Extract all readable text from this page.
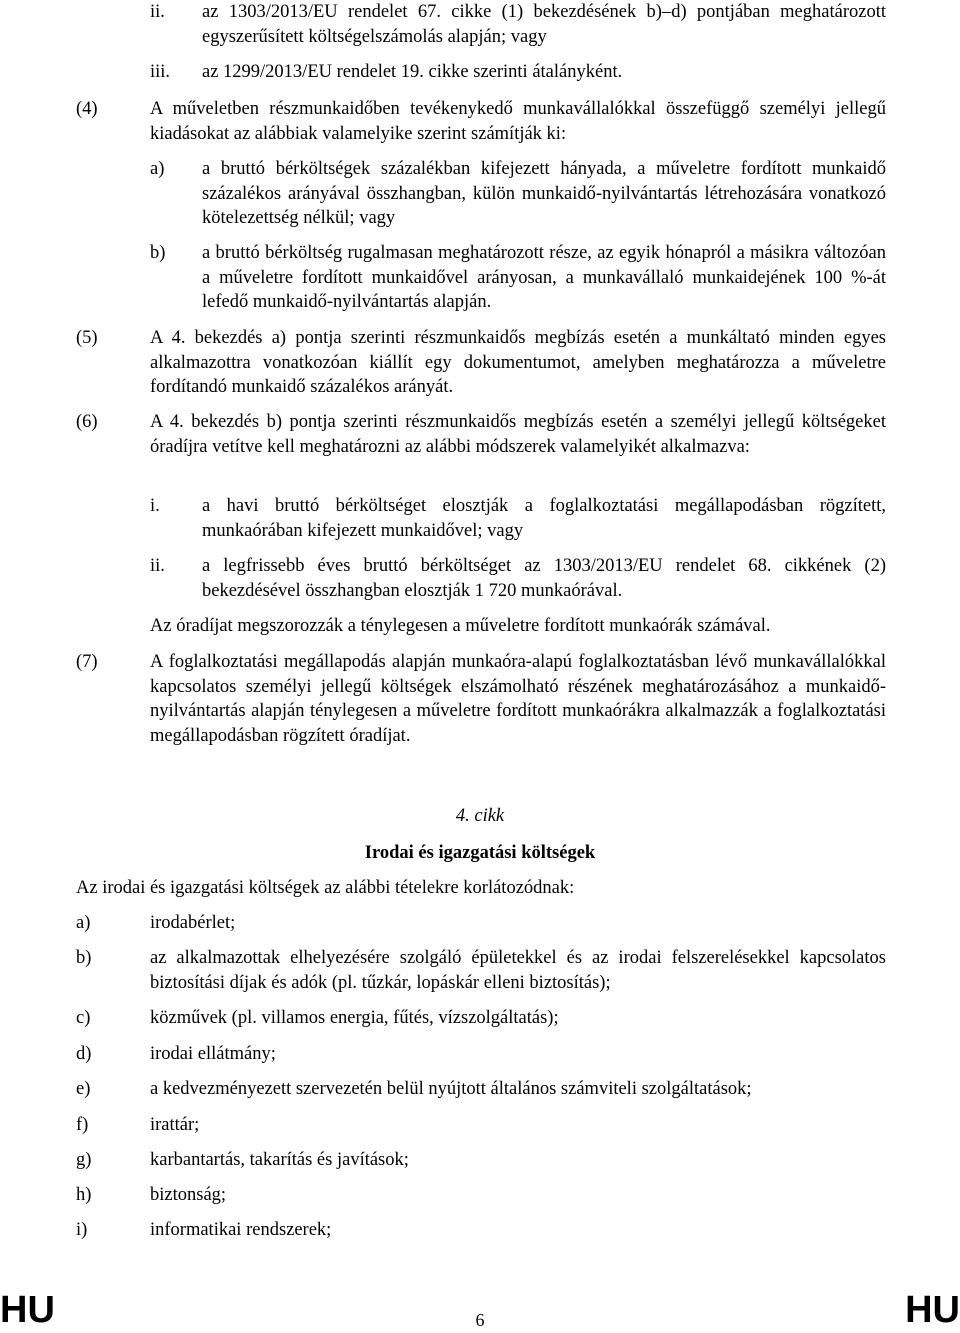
ii. az 1303/2013/EU rendelet 67. cikke (1) bekezdésének b)–d) pontjában meghatározott egyszerűsített költségelszámolás alapján; vagy
iii. az 1299/2013/EU rendelet 19. cikke szerinti átalányként.
(4)	A műveletben részmunkaidőben tevékenykedő munkavállalókkal összefüggő személyi jellegű kiadásokat az alábbiak valamelyike szerint számítják ki:
a) a bruttó bérköltségek százalékban kifejezett hányada, a műveletre fordított munkaidő százalékos arányával összhangban, külön munkaidő-nyilvántartás létrehozására vonatkozó kötelezettség nélkül; vagy
b) a bruttó bérköltség rugalmasan meghatározott része, az egyik hónapról a másikra változóan a műveletre fordított munkaidővel arányosan, a munkavállaló munkaidejének 100 %-át lefedő munkaidő-nyilvántartás alapján.
(5)	A 4. bekezdés a) pontja szerinti részmunkaidős megbízás esetén a munkáltató minden egyes alkalmazottra vonatkozóan kiállít egy dokumentumot, amelyben meghatározza a műveletre fordítandó munkaidő százalékos arányát.
(6)	A 4. bekezdés b) pontja szerinti részmunkaidős megbízás esetén a személyi jellegű költségeket óradíjra vetítve kell meghatározni az alábbi módszerek valamelyikét alkalmazva:
i. a havi bruttó bérköltséget elosztják a foglalkoztatási megállapodásban rögzített, munkaórában kifejezett munkaidővel; vagy
ii. a legfrissebb éves bruttó bérköltséget az 1303/2013/EU rendelet 68. cikkének (2) bekezdésével összhangban elosztják 1 720 munkaórával.
Az óradíjat megszorozzák a ténylegesen a műveletre fordított munkaórák számával.
(7)	A foglalkoztatási megállapodás alapján munkaóra-alapú foglalkoztatásban lévő munkavállalókkal kapcsolatos személyi jellegű költségek elszámolható részének meghatározásához a munkaidő-nyilvántartás alapján ténylegesen a műveletre fordított munkaórákra alkalmazzák a foglalkoztatási megállapodásban rögzített óradíjat.
4. cikk
Irodai és igazgatási költségek
Az irodai és igazgatási költségek az alábbi tételekre korlátozódnak:
a)	irodabérlet;
b)	az alkalmazottak elhelyezésére szolgáló épületekkel és az irodai felszerelésekkel kapcsolatos biztosítási díjak és adók (pl. tűzkár, lopáskár elleni biztosítás);
c)	közművek (pl. villamos energia, fűtés, vízszolgáltatás);
d)	irodai ellátmány;
e)	a kedvezményezett szervezetén belül nyújtott általános számviteli szolgáltatások;
f)	irattár;
g)	karbantartás, takarítás és javítások;
h)	biztonság;
i)	informatikai rendszerek;
HU	6	HU
